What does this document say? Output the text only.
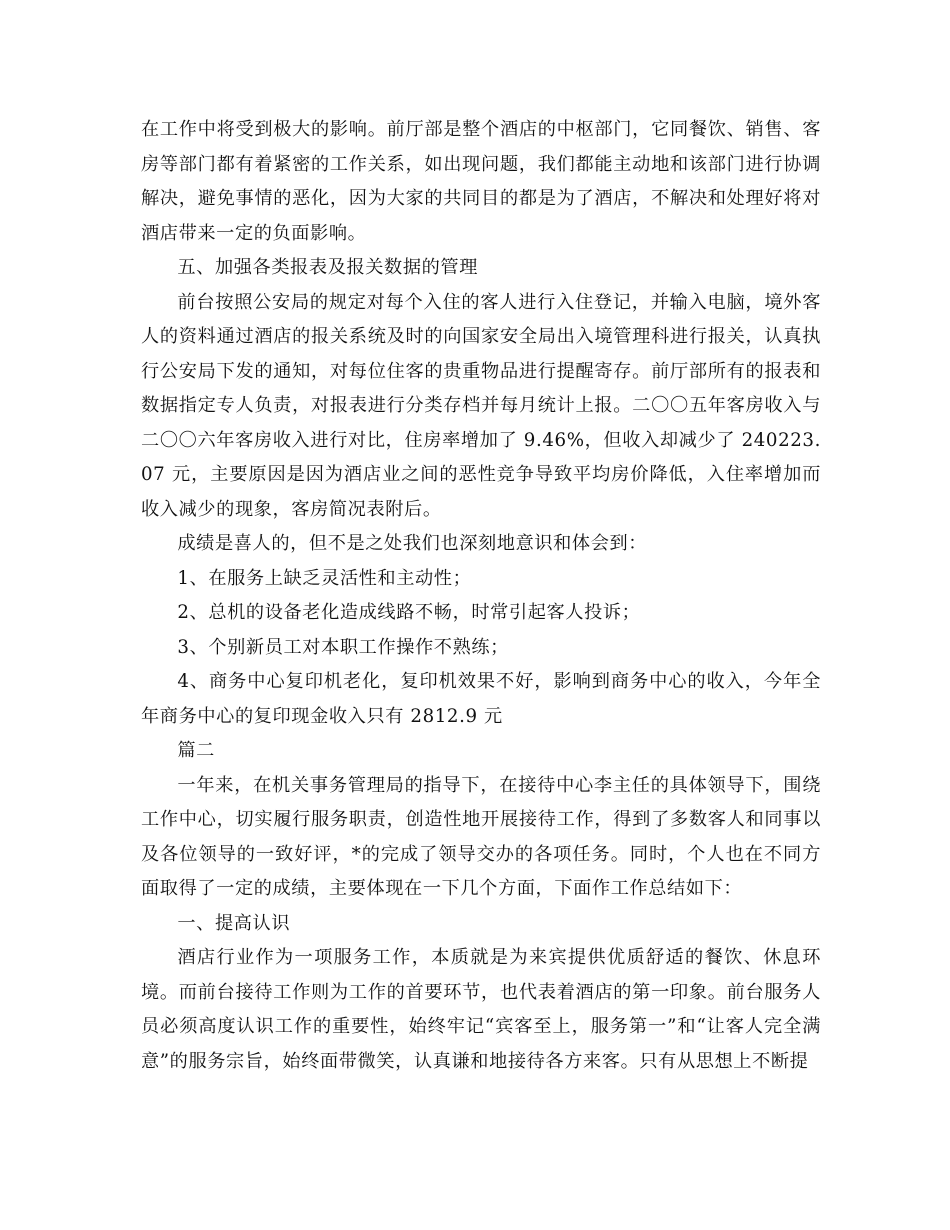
在工作中将受到极大的影响。前厅部是整个酒店的中枢部门，它同餐饮、销售、客房等部门都有着紧密的工作关系，如出现问题，我们都能主动地和该部门进行协调解决，避免事情的恶化，因为大家的共同目的都是为了酒店，不解决和处理好将对酒店带来一定的负面影响。

五、加强各类报表及报关数据的管理

前台按照公安局的规定对每个入住的客人进行入住登记，并输入电脑，境外客人的资料通过酒店的报关系统及时的向国家安全局出入境管理科进行报关，认真执行公安局下发的通知，对每位住客的贵重物品进行提醒寄存。前厅部所有的报表和数据指定专人负责，对报表进行分类存档并每月统计上报。二〇〇五年客房收入与二〇〇六年客房收入进行对比，住房率增加了 9.46%，但收入却减少了 240223.07 元，主要原因是因为酒店业之间的恶性竞争导致平均房价降低，入住率增加而收入减少的现象，客房简况表附后。

成绩是喜人的，但不是之处我们也深刻地意识和体会到：

1、在服务上缺乏灵活性和主动性；

2、总机的设备老化造成线路不畅，时常引起客人投诉；

3、个别新员工对本职工作操作不熟练；

4、商务中心复印机老化，复印机效果不好，影响到商务中心的收入，今年全年商务中心的复印现金收入只有 2812.9 元

篇二

一年来，在机关事务管理局的指导下，在接待中心李主任的具体领导下，围绕工作中心，切实履行服务职责，创造性地开展接待工作，得到了多数客人和同事以及各位领导的一致好评，*的完成了领导交办的各项任务。同时，个人也在不同方面取得了一定的成绩，主要体现在一下几个方面，下面作工作总结如下：

一、提高认识

酒店行业作为一项服务工作，本质就是为来宾提供优质舒适的餐饮、休息环境。而前台接待工作则为工作的首要环节，也代表着酒店的第一印象。前台服务人员必须高度认识工作的重要性，始终牢记“宾客至上，服务第一”和“让客人完全满意”的服务宗旨，始终面带微笑，认真谦和地接待各方来客。只有从思想上不断提
